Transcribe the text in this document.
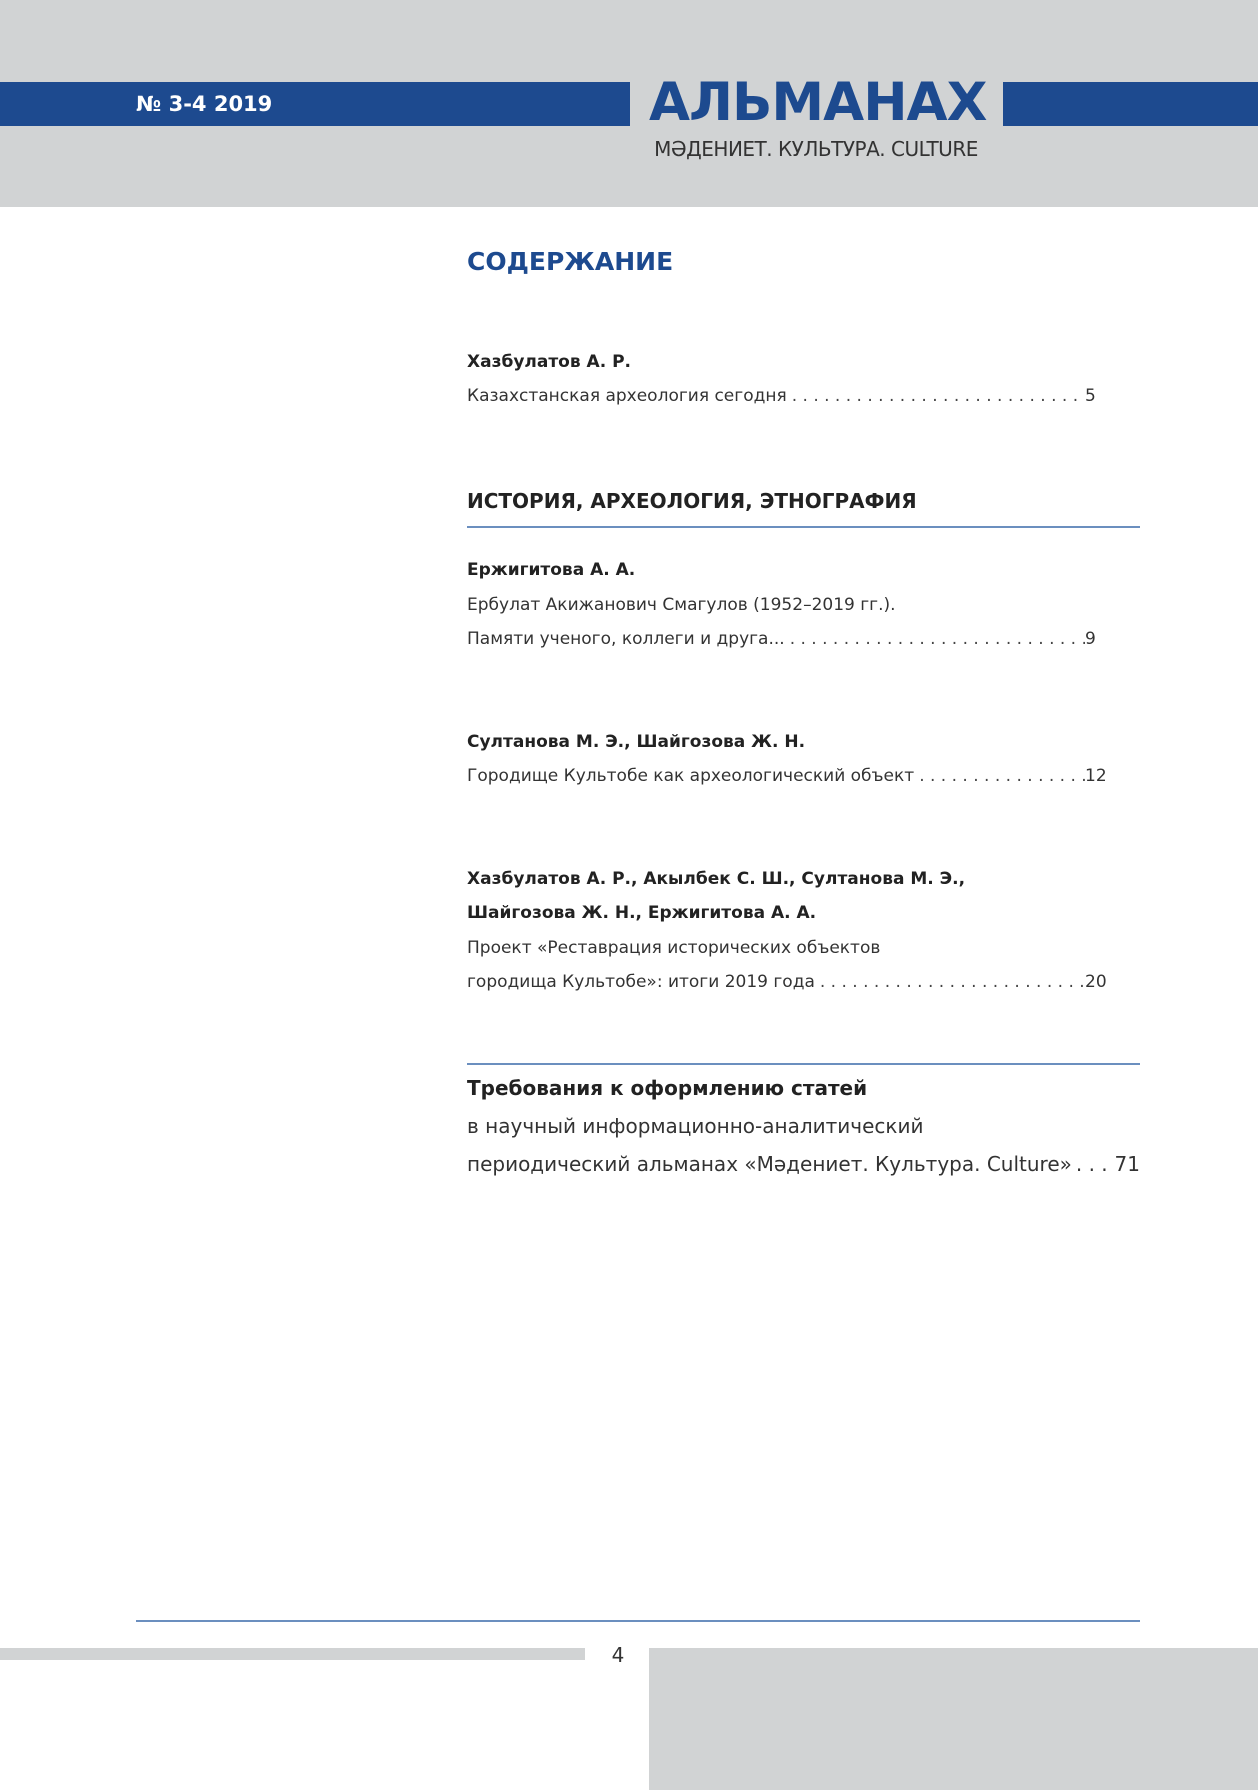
№ 3-4 2019	АЛЬМАНАХ
МӘДЕНИЕТ. КУЛЬТУРА. CULTURE
СОДЕРЖАНИЕ
Хазбулатов А. Р.
Казахстанская археология сегодня . . .	5
ИСТОРИЯ, АРХЕОЛОГИЯ, ЭТНОГРАФИЯ
Ержигитова А. А.
Ербулат Акижанович Смагулов (1952–2019 гг.).
Памяти ученого, коллеги и друга... . . .	9
Султанова М. Э., Шайгозова Ж. Н.
Городище Культобе как археологический объект . . .	12
Хазбулатов А. Р., Акылбек С. Ш., Султанова М. Э.,
Шайгозова Ж. Н., Ержигитова А. А.
Проект «Реставрация исторических объектов
городища Культобе»: итоги 2019 года . . .	20
Требования к оформлению статей
в научный информационно-аналитический
периодический альманах «Мәдениет. Культура. Culture» . . . 71
4
